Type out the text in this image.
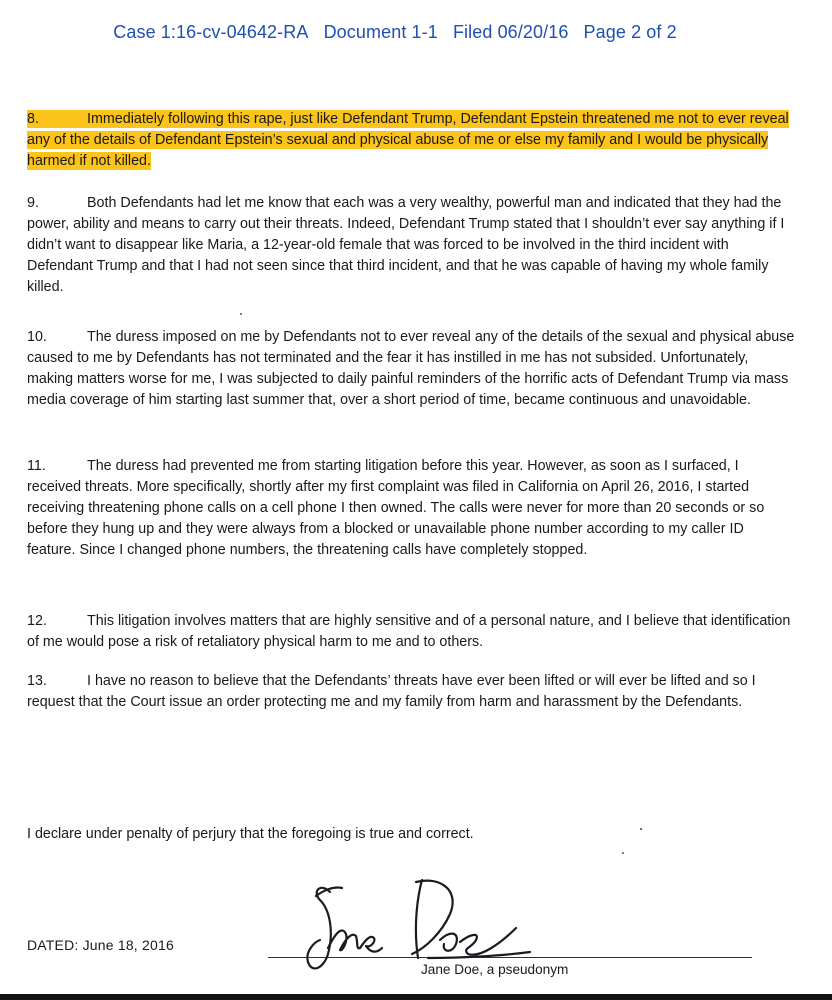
Case 1:16-cv-04642-RA Document 1-1 Filed 06/20/16 Page 2 of 2

8.	Immediately following this rape, just like Defendant Trump, Defendant Epstein threatened me not to ever reveal any of the details of Defendant Epstein’s sexual and physical abuse of me or else my family and I would be physically harmed if not killed.

9.	Both Defendants had let me know that each was a very wealthy, powerful man and indicated that they had the power, ability and means to carry out their threats. Indeed, Defendant Trump stated that I shouldn’t ever say anything if I didn’t want to disappear like Maria, a 12-year-old female that was forced to be involved in the third incident with Defendant Trump and that I had not seen since that third incident, and that he was capable of having my whole family killed.

10.	The duress imposed on me by Defendants not to ever reveal any of the details of the sexual and physical abuse caused to me by Defendants has not terminated and the fear it has instilled in me has not subsided. Unfortunately, making matters worse for me, I was subjected to daily painful reminders of the horrific acts of Defendant Trump via mass media coverage of him starting last summer that, over a short period of time, became continuous and unavoidable.

11.	The duress had prevented me from starting litigation before this year. However, as soon as I surfaced, I received threats. More specifically, shortly after my first complaint was filed in California on April 26, 2016, I started receiving threatening phone calls on a cell phone I then owned. The calls were never for more than 20 seconds or so before they hung up and they were always from a blocked or unavailable phone number according to my caller ID feature. Since I changed phone numbers, the threatening calls have completely stopped.

12.	This litigation involves matters that are highly sensitive and of a personal nature, and I believe that identification of me would pose a risk of retaliatory physical harm to me and to others.

13.	I have no reason to believe that the Defendants’ threats have ever been lifted or will ever be lifted and so I request that the Court issue an order protecting me and my family from harm and harassment by the Defendants.

I declare under penalty of perjury that the foregoing is true and correct.
DATED: June 18, 2016
Jane Doe, a pseudonym
